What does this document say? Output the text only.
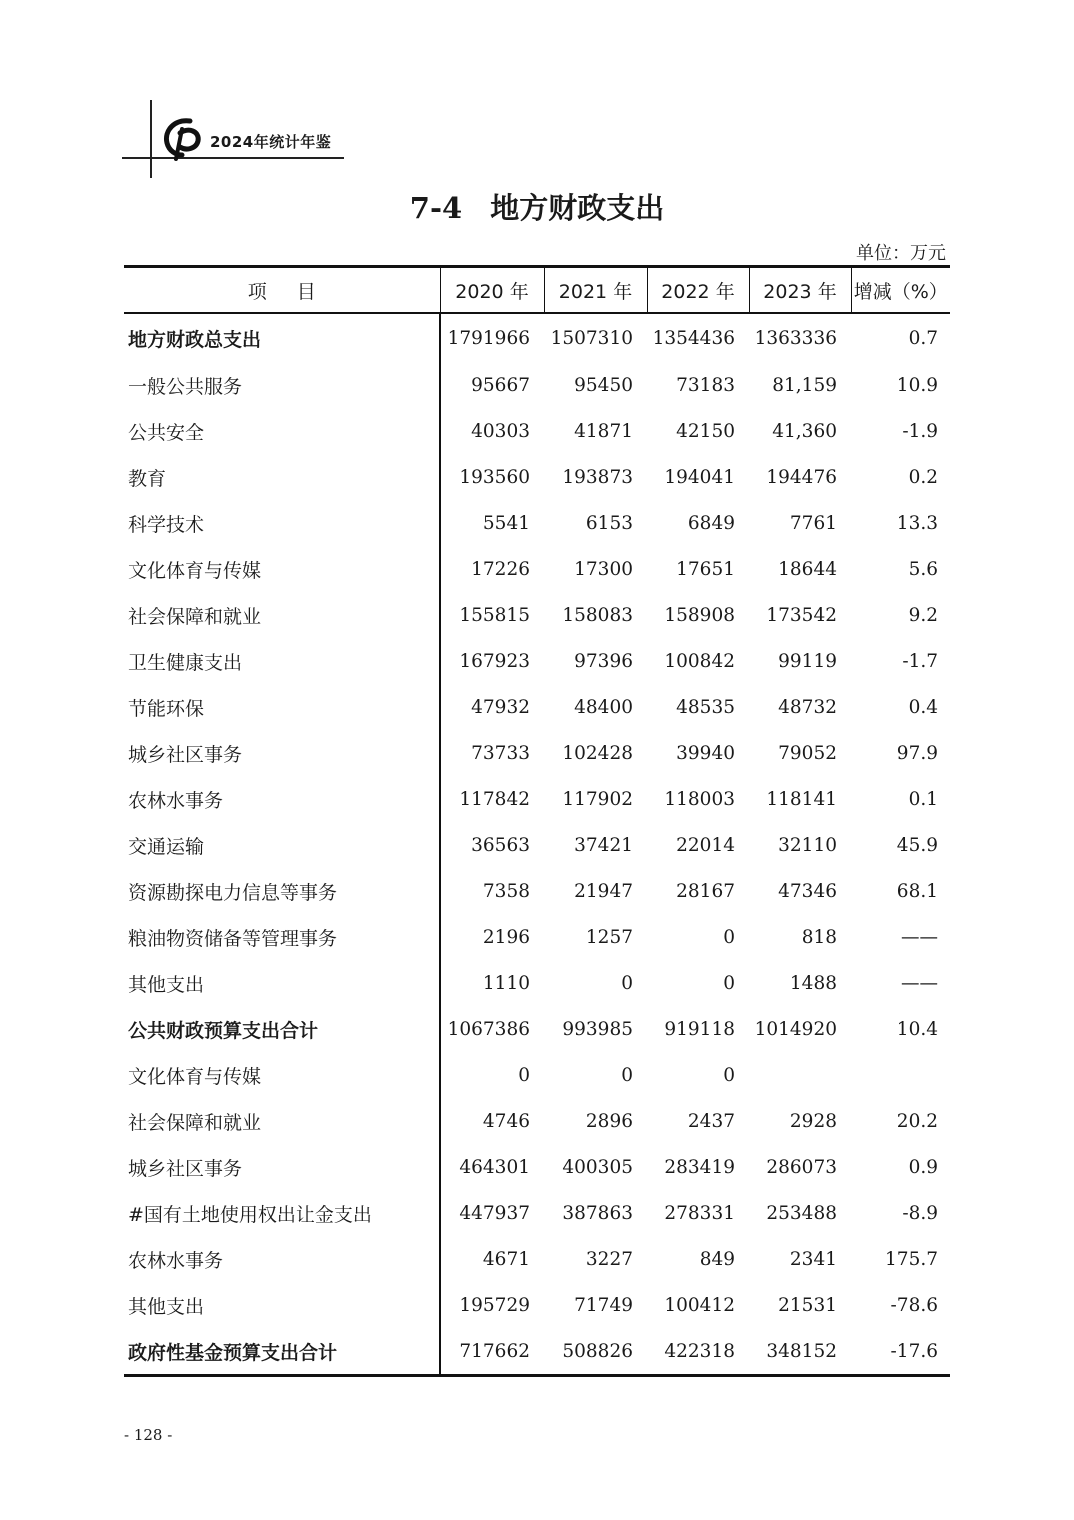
2024年统计年鉴
7-4 地方财政支出
单位：万元
项目	2020 年	2021 年	2022 年	2023 年	增减（%）
地方财政总支出	1791966	1507310	1354436	1363336	0.7
一般公共服务	95667	95450	73183	81,159	10.9
公共安全	40303	41871	42150	41,360	-1.9
教育	193560	193873	194041	194476	0.2
科学技术	5541	6153	6849	7761	13.3
文化体育与传媒	17226	17300	17651	18644	5.6
社会保障和就业	155815	158083	158908	173542	9.2
卫生健康支出	167923	97396	100842	99119	-1.7
节能环保	47932	48400	48535	48732	0.4
城乡社区事务	73733	102428	39940	79052	97.9
农林水事务	117842	117902	118003	118141	0.1
交通运输	36563	37421	22014	32110	45.9
资源勘探电力信息等事务	7358	21947	28167	47346	68.1
粮油物资储备等管理事务	2196	1257	0	818	——
其他支出	1110	0	0	1488	——
公共财政预算支出合计	1067386	993985	919118	1014920	10.4
文化体育与传媒	0	0	0		
社会保障和就业	4746	2896	2437	2928	20.2
城乡社区事务	464301	400305	283419	286073	0.9
#国有土地使用权出让金支出	447937	387863	278331	253488	-8.9
农林水事务	4671	3227	849	2341	175.7
其他支出	195729	71749	100412	21531	-78.6
政府性基金预算支出合计	717662	508826	422318	348152	-17.6
- 128 -
